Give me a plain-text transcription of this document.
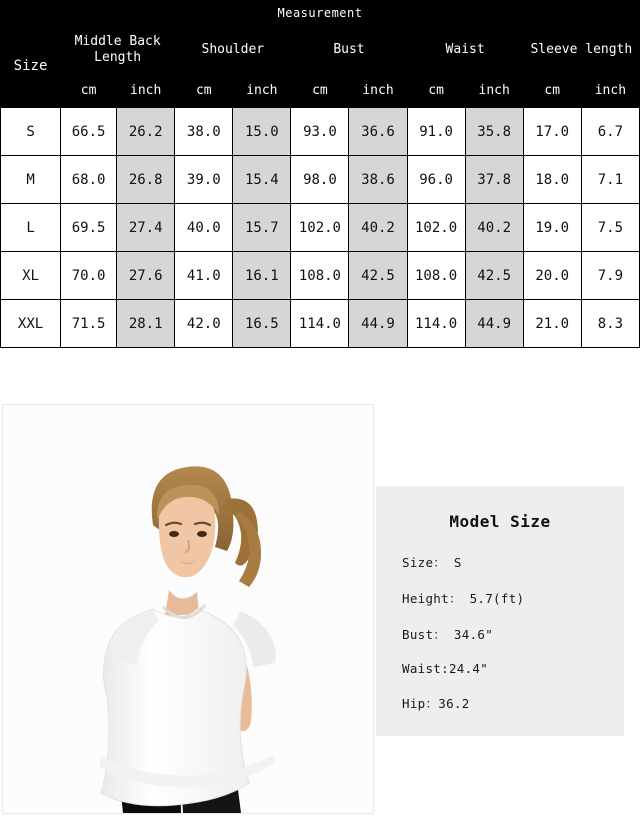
Measurement										
Size	Middle Back Length		Shoulder		Bust		Waist		Sleeve length	
	cm	inch	cm	inch	cm	inch	cm	inch	cm	inch
S	66.5	26.2	38.0	15.0	93.0	36.6	91.0	35.8	17.0	6.7
M	68.0	26.8	39.0	15.4	98.0	38.6	96.0	37.8	18.0	7.1
L	69.5	27.4	40.0	15.7	102.0	40.2	102.0	40.2	19.0	7.5
XL	70.0	27.6	41.0	16.1	108.0	42.5	108.0	42.5	20.0	7.9
XXL	71.5	28.1	42.0	16.5	114.0	44.9	114.0	44.9	21.0	8.3
Model Size
Size： S
Height： 5.7(ft)
Bust： 34.6"
Waist:24.4"
Hip：36.2
